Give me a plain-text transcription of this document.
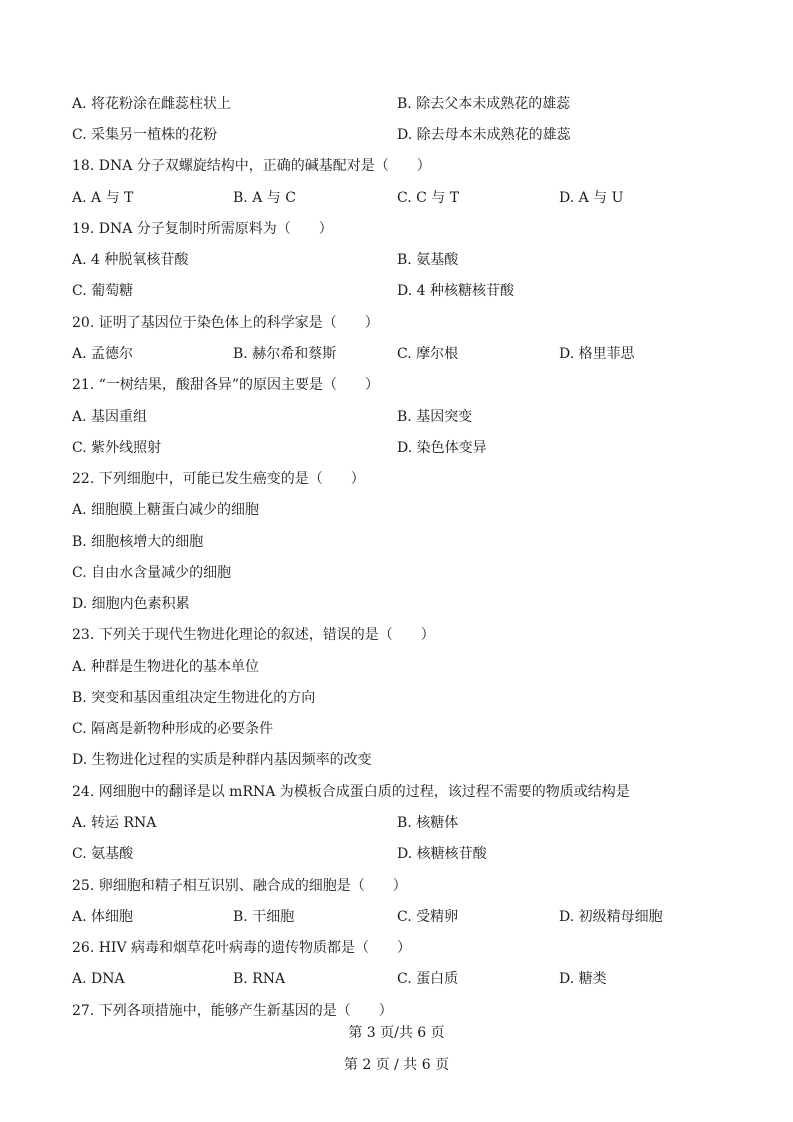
A. 将花粉涂在雌蕊柱状上	B. 除去父本未成熟花的雄蕊
C. 采集另一植株的花粉	D. 除去母本未成熟花的雄蕊
18. DNA 分子双螺旋结构中，正确的碱基配对是（　　）
A. A 与 T	B. A 与 C	C. C 与 T	D. A 与 U
19. DNA 分子复制时所需原料为（　　）
A. 4 种脱氧核苷酸	B. 氨基酸
C. 葡萄糖	D. 4 种核糖核苷酸
20. 证明了基因位于染色体上的科学家是（　　）
A. 孟德尔	B. 赫尔希和蔡斯	C. 摩尔根	D. 格里菲思
21. “一树结果，酸甜各异”的原因主要是（　　）
A. 基因重组	B. 基因突变
C. 紫外线照射	D. 染色体变异
22. 下列细胞中，可能已发生癌变的是（　　）
A. 细胞膜上糖蛋白减少的细胞
B. 细胞核增大的细胞
C. 自由水含量减少的细胞
D. 细胞内色素积累
23. 下列关于现代生物进化理论的叙述，错误的是（　　）
A. 种群是生物进化的基本单位
B. 突变和基因重组决定生物进化的方向
C. 隔离是新物种形成的必要条件
D. 生物进化过程的实质是种群内基因频率的改变
24. 网细胞中的翻译是以 mRNA 为模板合成蛋白质的过程，该过程不需要的物质或结构是
A. 转运 RNA	B. 核糖体
C. 氨基酸	D. 核糖核苷酸
25. 卵细胞和精子相互识别、融合成的细胞是（　　）
A. 体细胞	B. 干细胞	C. 受精卵	D. 初级精母细胞
26. HIV 病毒和烟草花叶病毒的遗传物质都是（　　）
A. DNA	B. RNA	C. 蛋白质	D. 糖类
27. 下列各项措施中，能够产生新基因的是（　　）
第 3 页/共 6 页
第 2 页 / 共 6 页
